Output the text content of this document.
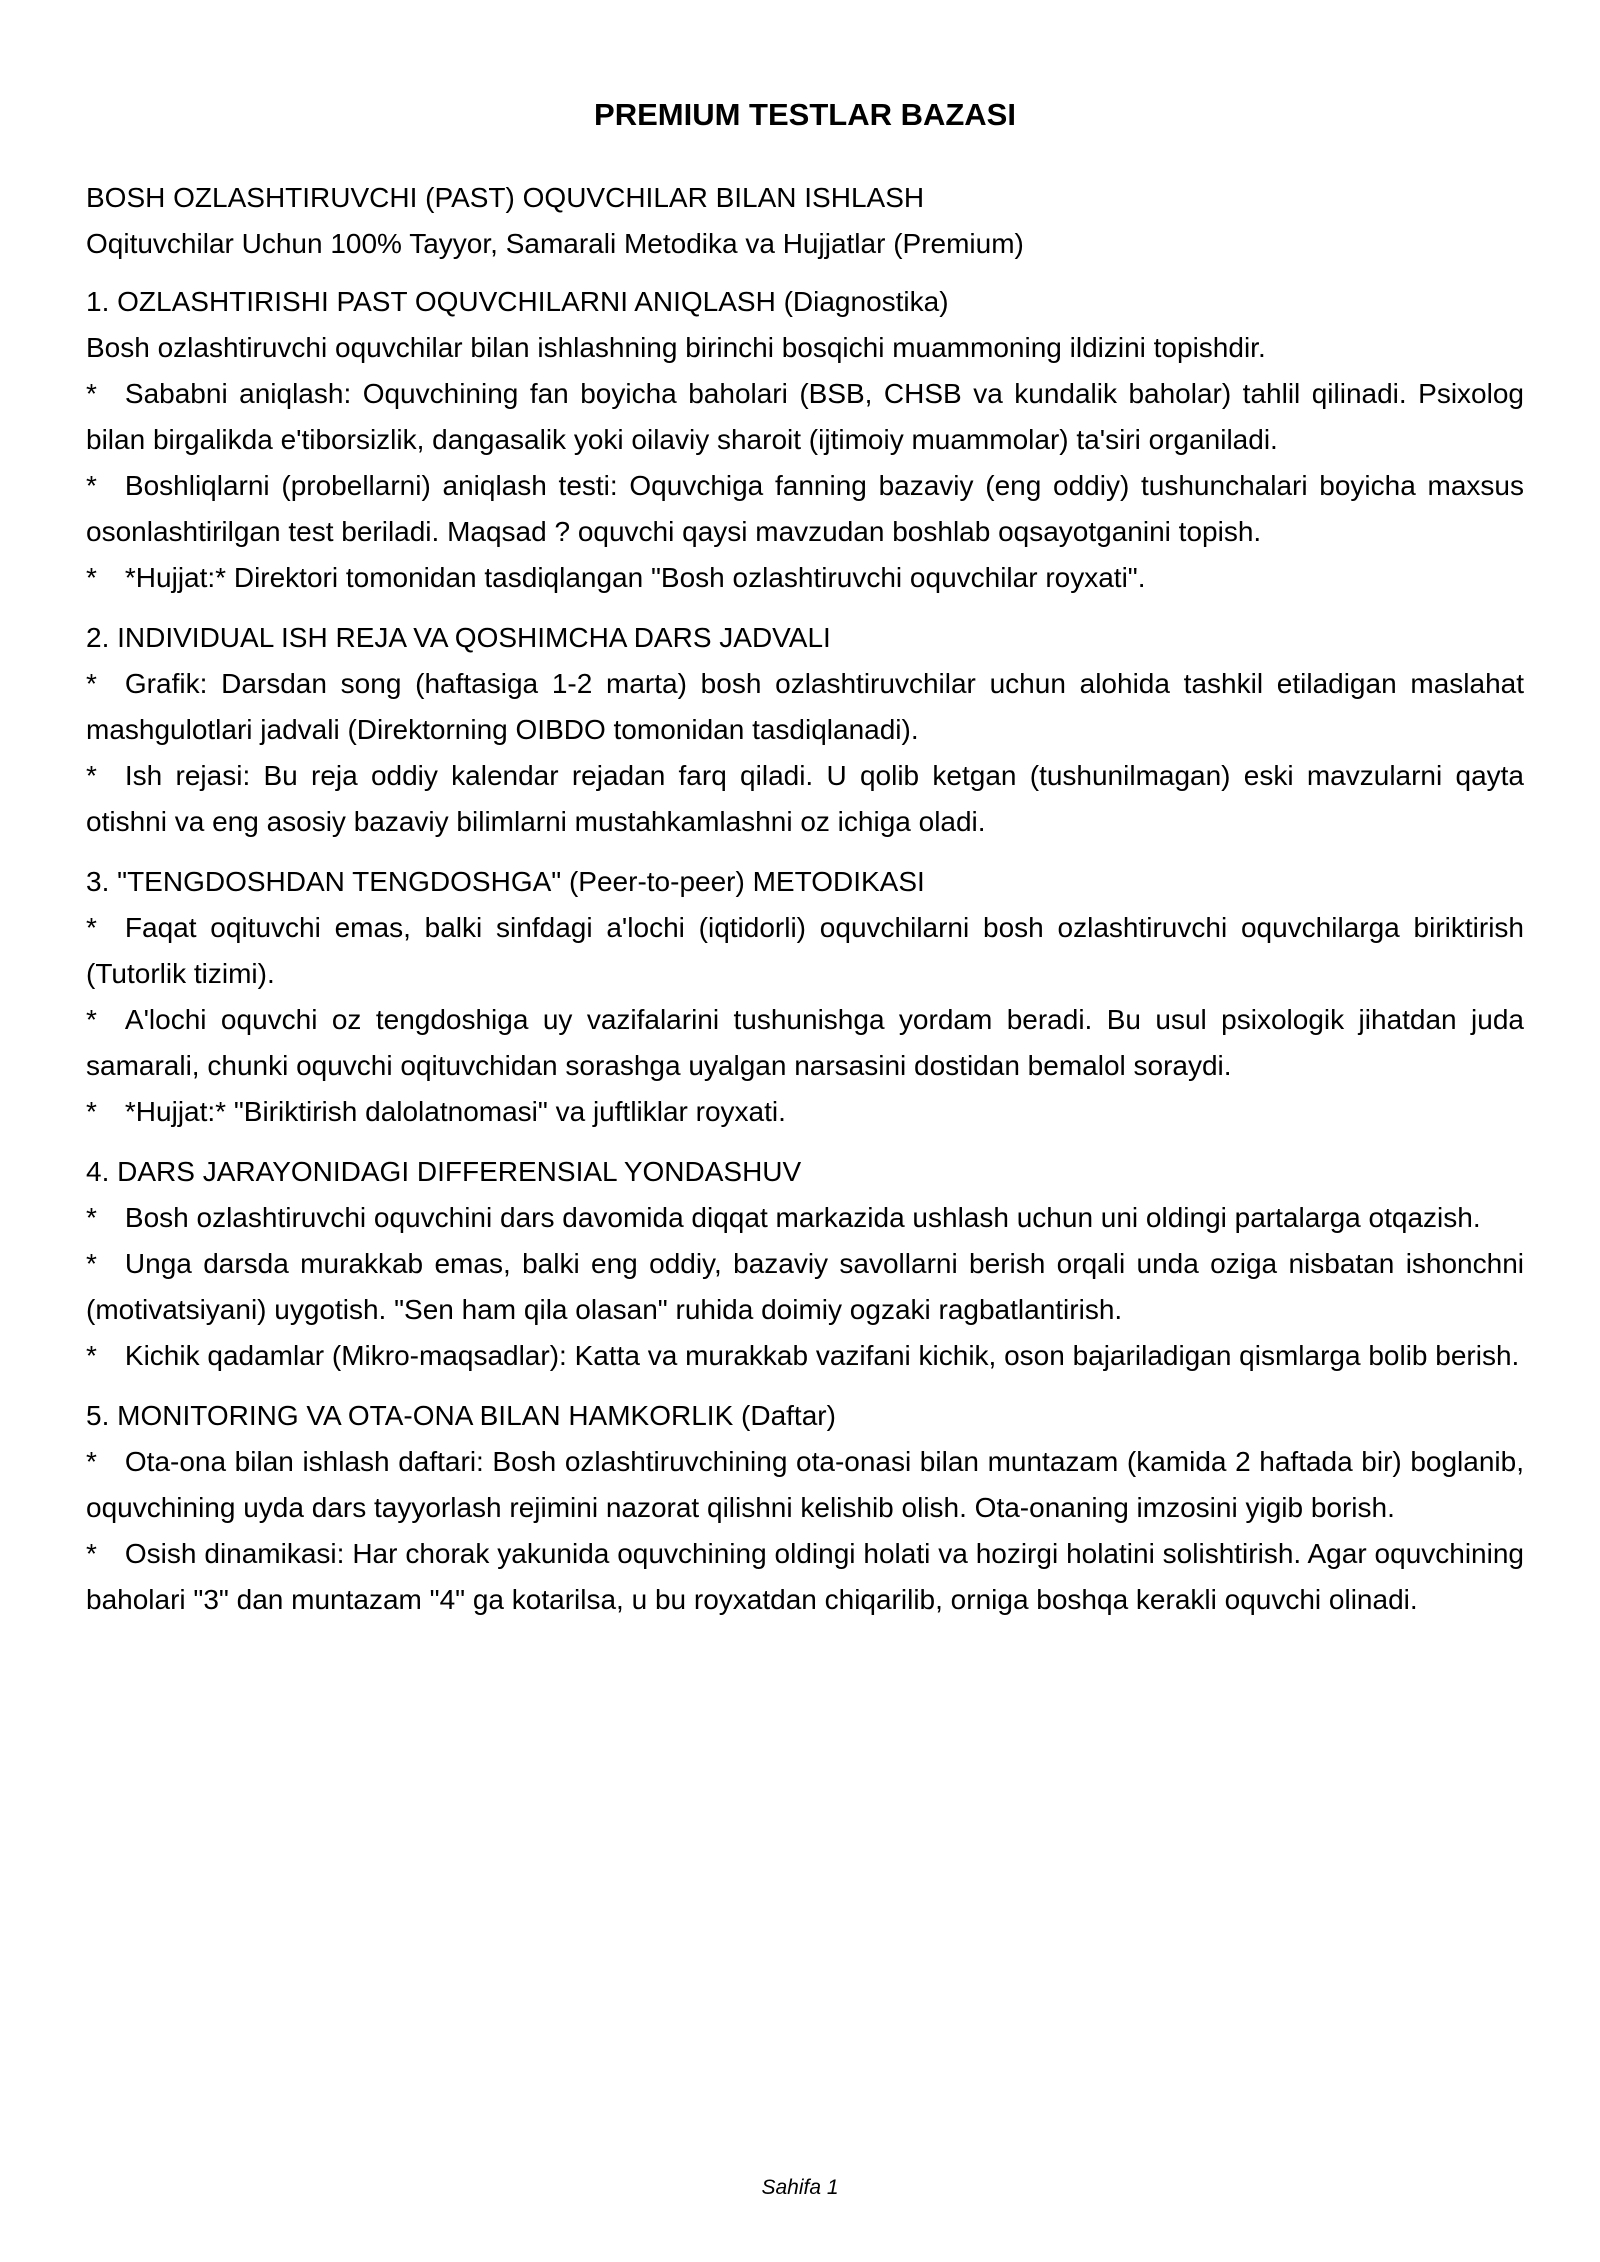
PREMIUM TESTLAR BAZASI

BOSH OZLASHTIRUVCHI (PAST) OQUVCHILAR BILAN ISHLASH

Oqituvchilar Uchun 100% Tayyor, Samarali Metodika va Hujjatlar (Premium)

1. OZLASHTIRISHI PAST OQUVCHILARNI ANIQLASH (Diagnostika)

Bosh ozlashtiruvchi oquvchilar bilan ishlashning birinchi bosqichi muammoning ildizini topishdir.

* Sababni aniqlash: Oquvchining fan boyicha baholari (BSB, CHSB va kundalik baholar) tahlil qilinadi. Psixolog bilan birgalikda e'tiborsizlik, dangasalik yoki oilaviy sharoit (ijtimoiy muammolar) ta'siri organiladi.

* Boshliqlarni (probellarni) aniqlash testi: Oquvchiga fanning bazaviy (eng oddiy) tushunchalari boyicha maxsus osonlashtirilgan test beriladi. Maqsad ? oquvchi qaysi mavzudan boshlab oqsayotganini topish.

* *Hujjat:* Direktori tomonidan tasdiqlangan "Bosh ozlashtiruvchi oquvchilar royxati".

2. INDIVIDUAL ISH REJA VA QOSHIMCHA DARS JADVALI

* Grafik: Darsdan song (haftasiga 1-2 marta) bosh ozlashtiruvchilar uchun alohida tashkil etiladigan maslahat mashgulotlari jadvali (Direktorning OIBDO tomonidan tasdiqlanadi).

* Ish rejasi: Bu reja oddiy kalendar rejadan farq qiladi. U qolib ketgan (tushunilmagan) eski mavzularni qayta otishni va eng asosiy bazaviy bilimlarni mustahkamlashni oz ichiga oladi.

3. "TENGDOSHDAN TENGDOSHGA" (Peer-to-peer) METODIKASI

* Faqat oqituvchi emas, balki sinfdagi a'lochi (iqtidorli) oquvchilarni bosh ozlashtiruvchi oquvchilarga biriktirish (Tutorlik tizimi).

* A'lochi oquvchi oz tengdoshiga uy vazifalarini tushunishga yordam beradi. Bu usul psixologik jihatdan juda samarali, chunki oquvchi oqituvchidan sorashga uyalgan narsasini dostidan bemalol soraydi.

* *Hujjat:* "Biriktirish dalolatnomasi" va juftliklar royxati.

4. DARS JARAYONIDAGI DIFFERENSIAL YONDASHUV

* Bosh ozlashtiruvchi oquvchini dars davomida diqqat markazida ushlash uchun uni oldingi partalarga otqazish.

* Unga darsda murakkab emas, balki eng oddiy, bazaviy savollarni berish orqali unda oziga nisbatan ishonchni (motivatsiyani) uygotish. "Sen ham qila olasan" ruhida doimiy ogzaki ragbatlantirish.

* Kichik qadamlar (Mikro-maqsadlar): Katta va murakkab vazifani kichik, oson bajariladigan qismlarga bolib berish.

5. MONITORING VA OTA-ONA BILAN HAMKORLIK (Daftar)

* Ota-ona bilan ishlash daftari: Bosh ozlashtiruvchining ota-onasi bilan muntazam (kamida 2 haftada bir) boglanib, oquvchining uyda dars tayyorlash rejimini nazorat qilishni kelishib olish. Ota-onaning imzosini yigib borish.

* Osish dinamikasi: Har chorak yakunida oquvchining oldingi holati va hozirgi holatini solishtirish. Agar oquvchining baholari "3" dan muntazam "4" ga kotarilsa, u bu royxatdan chiqarilib, orniga boshqa kerakli oquvchi olinadi.

Sahifa 1
